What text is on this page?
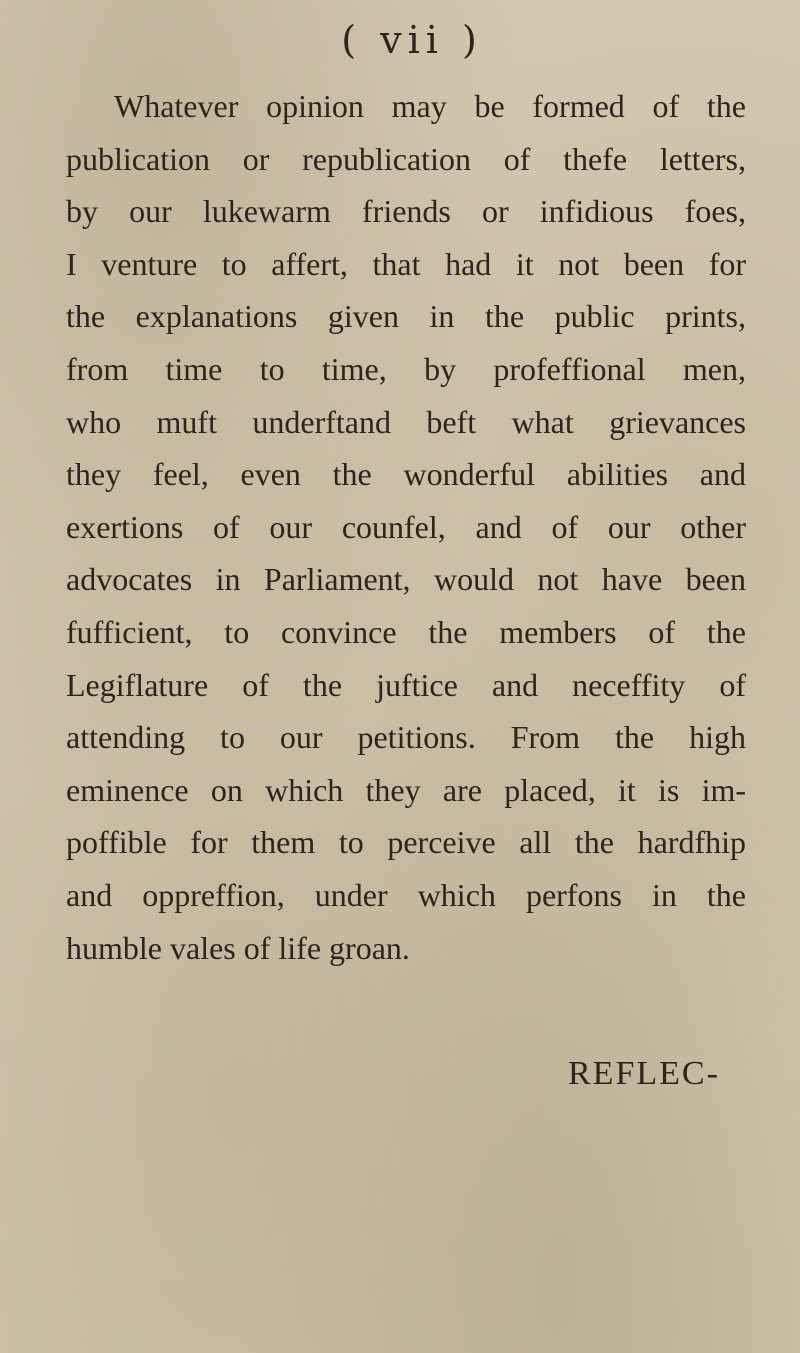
( vii )
Whatever opinion may be formed of the
publication or republication of thefe letters,
by our lukewarm friends or infidious foes,
I venture to affert, that had it not been for
the explanations given in the public prints,
from time to time, by profeffional men,
who muft underftand beft what grievances
they feel, even the wonderful abilities and
exertions of our counfel, and of our other
advocates in Parliament, would not have been
fufficient, to convince the members of the
Legiflature of the juftice and neceffity of
attending to our petitions. From the high
eminence on which they are placed, it is im-
poffible for them to perceive all the hardfhip
and oppreffion, under which perfons in the
humble vales of life groan.
REFLEC-
